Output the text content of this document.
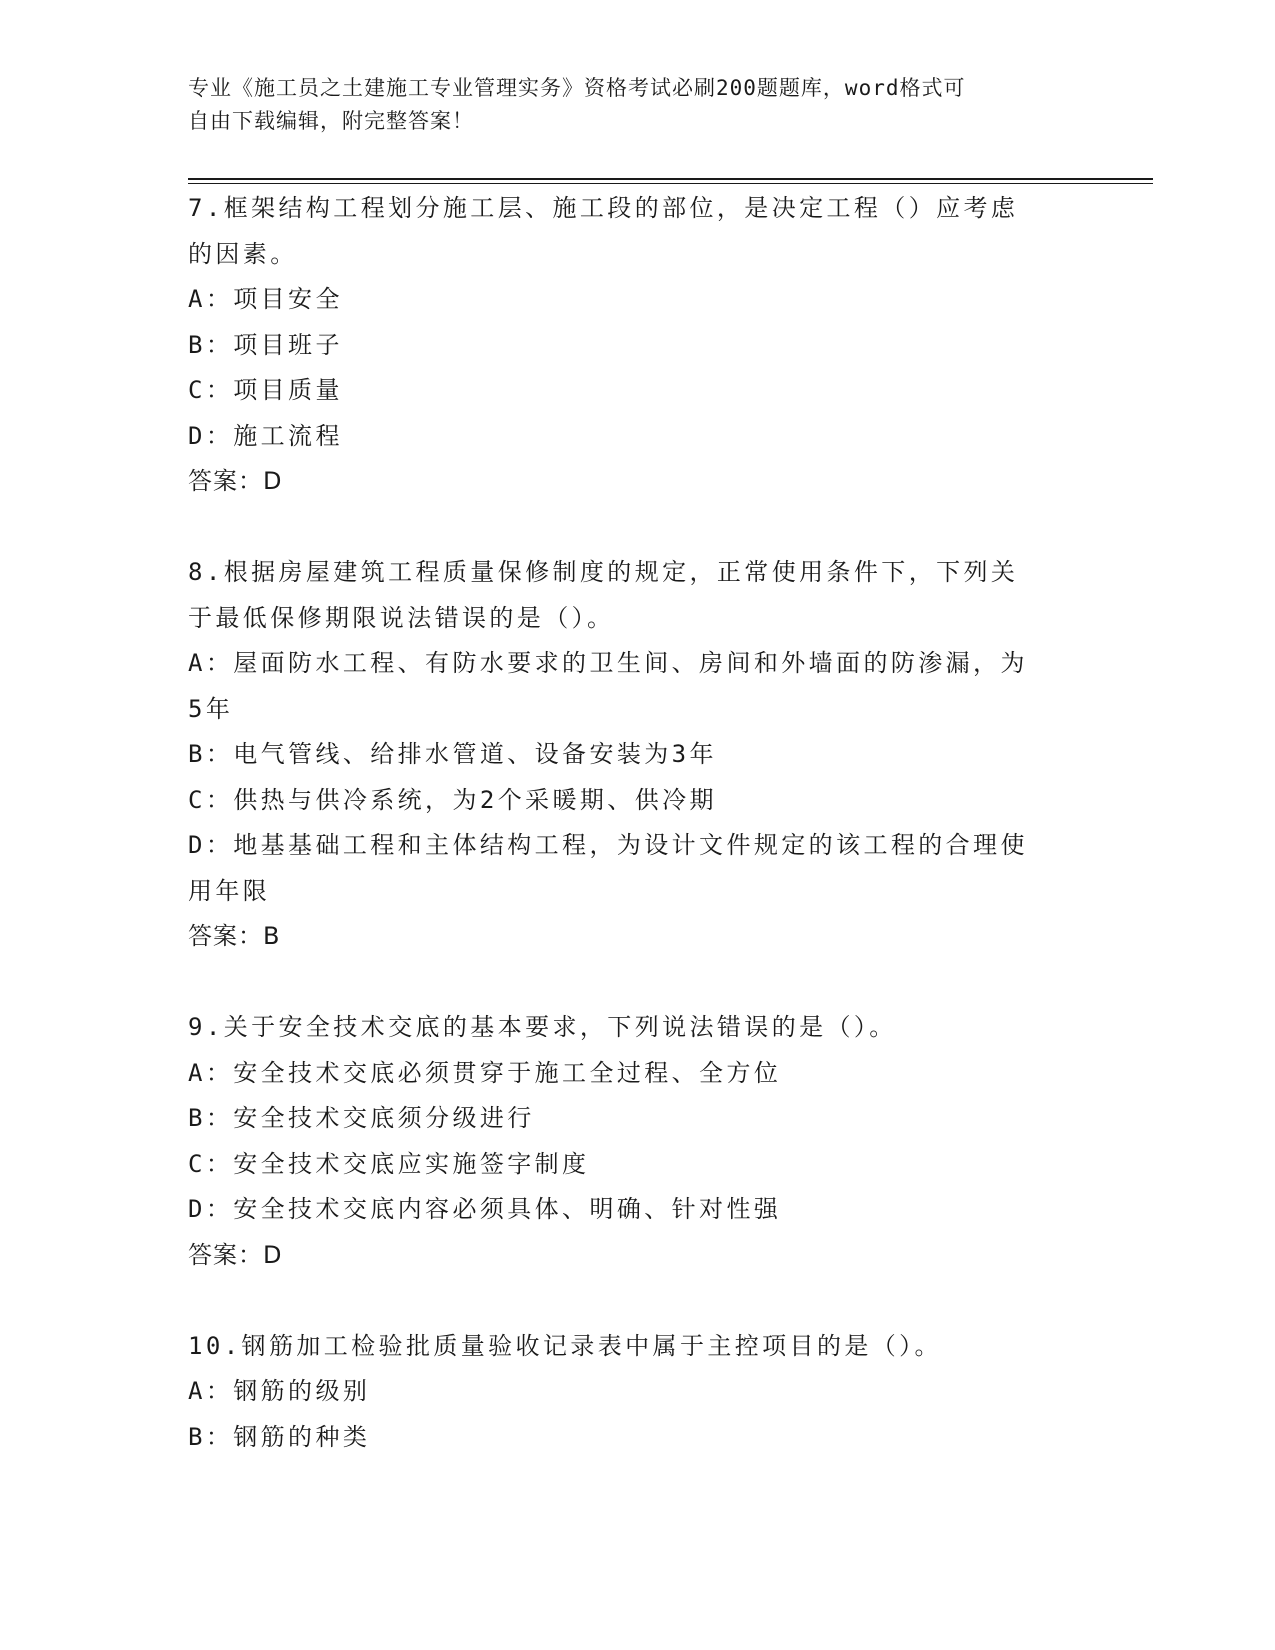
专业《施工员之土建施工专业管理实务》资格考试必刷200题题库，word格式可
自由下载编辑，附完整答案！
7.框架结构工程划分施工层、施工段的部位，是决定工程（）应考虑
的因素。
A：项目安全
B：项目班子
C：项目质量
D：施工流程
答案：D
8.根据房屋建筑工程质量保修制度的规定，正常使用条件下，下列关
于最低保修期限说法错误的是（）。
A：屋面防水工程、有防水要求的卫生间、房间和外墙面的防渗漏，为
5年
B：电气管线、给排水管道、设备安装为3年
C：供热与供冷系统，为2个采暖期、供冷期
D：地基基础工程和主体结构工程，为设计文件规定的该工程的合理使
用年限
答案：B
9.关于安全技术交底的基本要求，下列说法错误的是（）。
A：安全技术交底必须贯穿于施工全过程、全方位
B：安全技术交底须分级进行
C：安全技术交底应实施签字制度
D：安全技术交底内容必须具体、明确、针对性强
答案：D
10.钢筋加工检验批质量验收记录表中属于主控项目的是（）。
A：钢筋的级别
B：钢筋的种类
